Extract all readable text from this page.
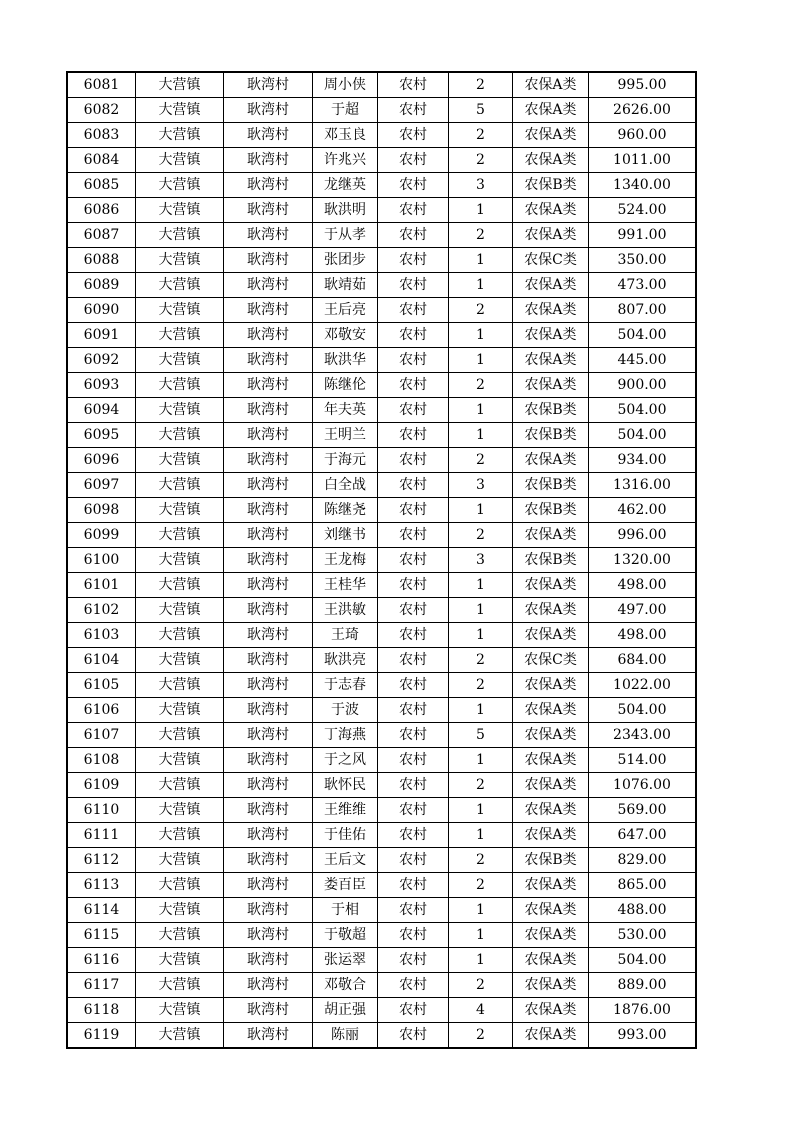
6081	大营镇	耿湾村	周小侠	农村	2	农保A类	995.00
6082	大营镇	耿湾村	于超	农村	5	农保A类	2626.00
6083	大营镇	耿湾村	邓玉良	农村	2	农保A类	960.00
6084	大营镇	耿湾村	许兆兴	农村	2	农保A类	1011.00
6085	大营镇	耿湾村	龙继英	农村	3	农保B类	1340.00
6086	大营镇	耿湾村	耿洪明	农村	1	农保A类	524.00
6087	大营镇	耿湾村	于从孝	农村	2	农保A类	991.00
6088	大营镇	耿湾村	张团步	农村	1	农保C类	350.00
6089	大营镇	耿湾村	耿靖茹	农村	1	农保A类	473.00
6090	大营镇	耿湾村	王后亮	农村	2	农保A类	807.00
6091	大营镇	耿湾村	邓敬安	农村	1	农保A类	504.00
6092	大营镇	耿湾村	耿洪华	农村	1	农保A类	445.00
6093	大营镇	耿湾村	陈继伦	农村	2	农保A类	900.00
6094	大营镇	耿湾村	年夫英	农村	1	农保B类	504.00
6095	大营镇	耿湾村	王明兰	农村	1	农保B类	504.00
6096	大营镇	耿湾村	于海元	农村	2	农保A类	934.00
6097	大营镇	耿湾村	白全战	农村	3	农保B类	1316.00
6098	大营镇	耿湾村	陈继尧	农村	1	农保B类	462.00
6099	大营镇	耿湾村	刘继书	农村	2	农保A类	996.00
6100	大营镇	耿湾村	王龙梅	农村	3	农保B类	1320.00
6101	大营镇	耿湾村	王桂华	农村	1	农保A类	498.00
6102	大营镇	耿湾村	王洪敏	农村	1	农保A类	497.00
6103	大营镇	耿湾村	王琦	农村	1	农保A类	498.00
6104	大营镇	耿湾村	耿洪亮	农村	2	农保C类	684.00
6105	大营镇	耿湾村	于志春	农村	2	农保A类	1022.00
6106	大营镇	耿湾村	于波	农村	1	农保A类	504.00
6107	大营镇	耿湾村	丁海燕	农村	5	农保A类	2343.00
6108	大营镇	耿湾村	于之风	农村	1	农保A类	514.00
6109	大营镇	耿湾村	耿怀民	农村	2	农保A类	1076.00
6110	大营镇	耿湾村	王维维	农村	1	农保A类	569.00
6111	大营镇	耿湾村	于佳佑	农村	1	农保A类	647.00
6112	大营镇	耿湾村	王后文	农村	2	农保B类	829.00
6113	大营镇	耿湾村	娄百臣	农村	2	农保A类	865.00
6114	大营镇	耿湾村	于相	农村	1	农保A类	488.00
6115	大营镇	耿湾村	于敬超	农村	1	农保A类	530.00
6116	大营镇	耿湾村	张运翠	农村	1	农保A类	504.00
6117	大营镇	耿湾村	邓敬合	农村	2	农保A类	889.00
6118	大营镇	耿湾村	胡正强	农村	4	农保A类	1876.00
6119	大营镇	耿湾村	陈丽	农村	2	农保A类	993.00
